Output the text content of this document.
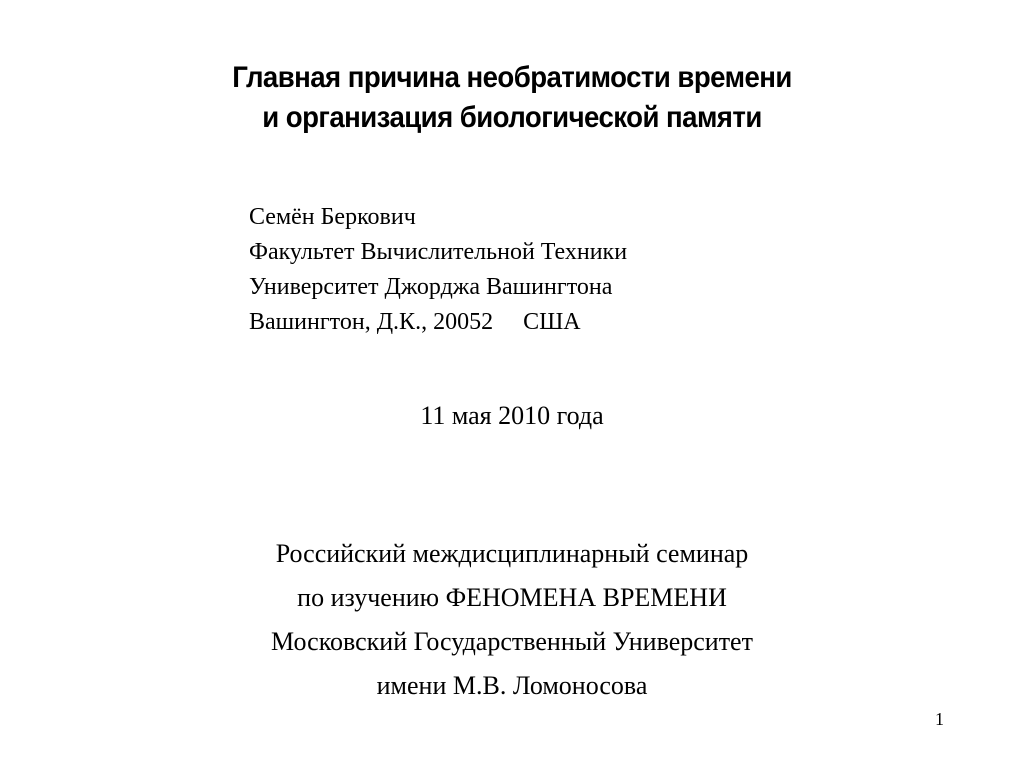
Главная причина необратимости времени
и организация биологической памяти
Семён Беркович
Факультет Вычислительной Техники
Университет Джорджа Вашингтона
Вашингтон, Д.К., 20052     США
11 мая 2010 года
Российский междисциплинарный семинар
по изучению ФЕНОМЕНА ВРЕМЕНИ
Московский Государственный Университет
имени М.В. Ломоносова
1
